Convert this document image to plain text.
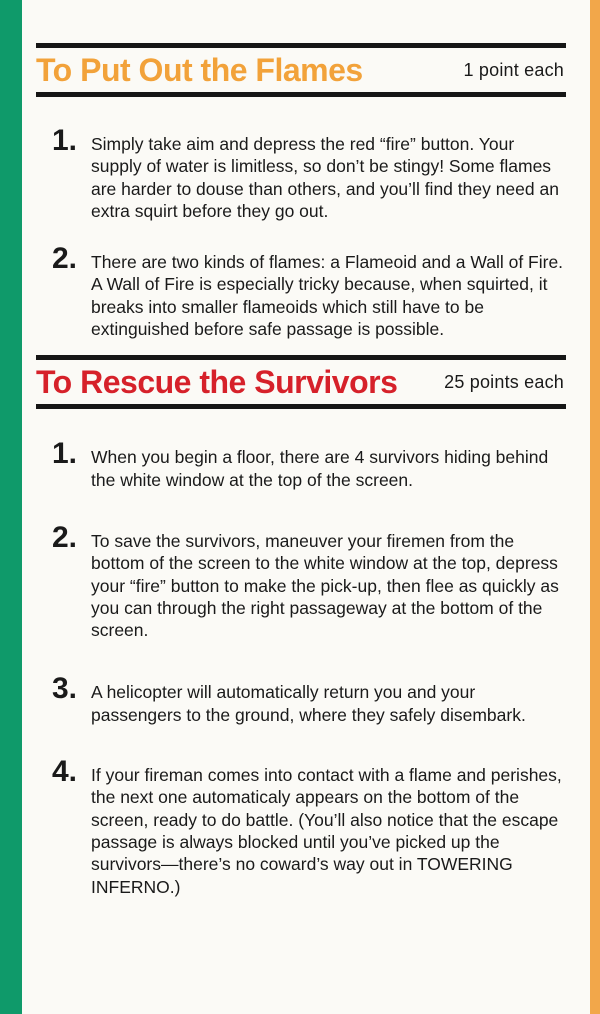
To Put Out the Flames	1 point each
1. Simply take aim and depress the red “fire” button. Your supply of water is limitless, so don’t be stingy! Some flames are harder to douse than others, and you’ll find they need an extra squirt before they go out.
2. There are two kinds of flames: a Flameoid and a Wall of Fire. A Wall of Fire is especially tricky because, when squirted, it breaks into smaller flameoids which still have to be extinguished before safe passage is possible.
To Rescue the Survivors	25 points each
1. When you begin a floor, there are 4 survivors hiding behind the white window at the top of the screen.
2. To save the survivors, maneuver your firemen from the bottom of the screen to the white window at the top, depress your “fire” button to make the pick-up, then flee as quickly as you can through the right passageway at the bottom of the screen.
3. A helicopter will automatically return you and your passengers to the ground, where they safely disembark.
4. If your fireman comes into contact with a flame and perishes, the next one automaticaly appears on the bottom of the screen, ready to do battle. (You’ll also notice that the escape passage is always blocked until you’ve picked up the survivors—there’s no coward’s way out in TOWERING INFERNO.)
